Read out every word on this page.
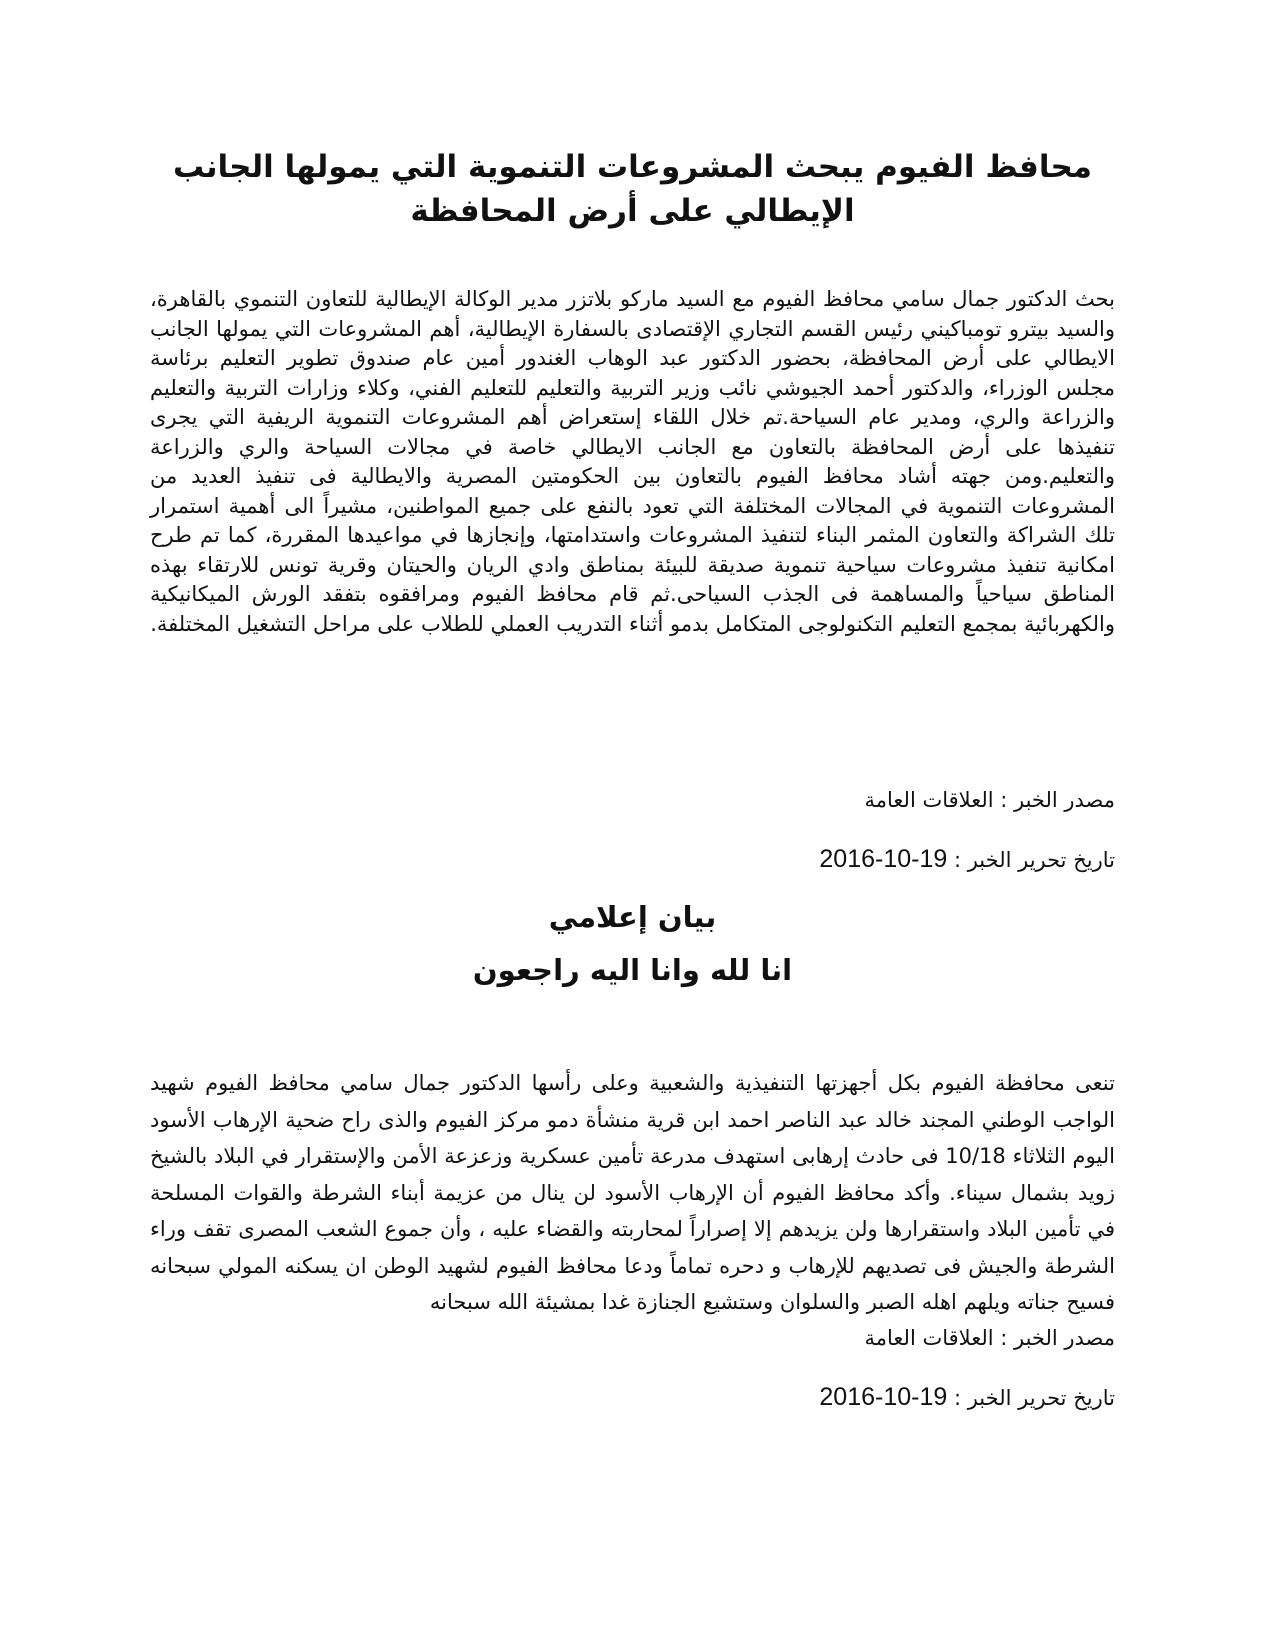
محافظ الفيوم يبحث المشروعات التنموية التي يمولها الجانب الإيطالي على أرض المحافظة
بحث الدكتور جمال سامي محافظ الفيوم مع السيد ماركو بلاتزر مدير الوكالة الإيطالية للتعاون التنموي بالقاهرة، والسيد بيترو تومباكيني رئيس القسم التجاري الإقتصادى بالسفارة الإيطالية، أهم المشروعات التي يمولها الجانب الايطالي على أرض المحافظة، بحضور الدكتور عبد الوهاب الغندور أمين عام صندوق تطوير التعليم برئاسة مجلس الوزراء، والدكتور أحمد الجيوشي نائب وزير التربية والتعليم للتعليم الفني، وكلاء وزارات التربية والتعليم والزراعة والري، ومدير عام السياحة.تم خلال اللقاء إستعراض أهم المشروعات التنموية الريفية التي يجرى تنفيذها على أرض المحافظة بالتعاون مع الجانب الايطالي خاصة في مجالات السياحة والري والزراعة والتعليم.ومن جهته أشاد محافظ الفيوم بالتعاون بين الحكومتين المصرية والايطالية فى تنفيذ العديد من المشروعات التنموية في المجالات المختلفة التي تعود بالنفع على جميع المواطنين، مشيراً الى أهمية استمرار تلك الشراكة والتعاون المثمر البناء لتنفيذ المشروعات واستدامتها، وإنجازها في مواعيدها المقررة، كما تم طرح امكانية تنفيذ مشروعات سياحية تنموية صديقة للبيئة بمناطق وادي الريان والحيتان وقرية تونس للارتقاء بهذه المناطق سياحياً والمساهمة فى الجذب السياحى.ثم قام محافظ الفيوم ومرافقوه بتفقد الورش الميكانيكية والكهربائية بمجمع التعليم التكنولوجى المتكامل بدمو أثناء التدريب العملي للطلاب على مراحل التشغيل المختلفة.
مصدر الخبر : العلاقات العامة
تاريخ تحرير الخبر : 2016-10-19
بيان إعلامي
انا لله وانا اليه راجعون
تنعى محافظة الفيوم بكل أجهزتها التنفيذية والشعبية وعلى رأسها الدكتور جمال سامي محافظ الفيوم شهيد الواجب الوطني المجند خالد عبد الناصر احمد ابن قرية منشأة دمو مركز الفيوم والذى راح ضحية الإرهاب الأسود اليوم الثلاثاء 10/18 فى حادث إرهابى استهدف مدرعة تأمين عسكرية وزعزعة الأمن والإستقرار في البلاد بالشيخ زويد بشمال سيناء. وأكد محافظ الفيوم أن الإرهاب الأسود لن ينال من عزيمة أبناء الشرطة والقوات المسلحة في تأمين البلاد واستقرارها ولن يزيدهم إلا إصراراً لمحاربته والقضاء عليه ، وأن جموع الشعب المصرى تقف وراء الشرطة والجيش فى تصديهم للإرهاب و دحره تماماً ودعا محافظ الفيوم لشهيد الوطن ان يسكنه المولي سبحانه فسيح جناته ويلهم اهله الصبر والسلوان وستشيع الجنازة غدا بمشيئة الله سبحانه
مصدر الخبر : العلاقات العامة
تاريخ تحرير الخبر : 2016-10-19
